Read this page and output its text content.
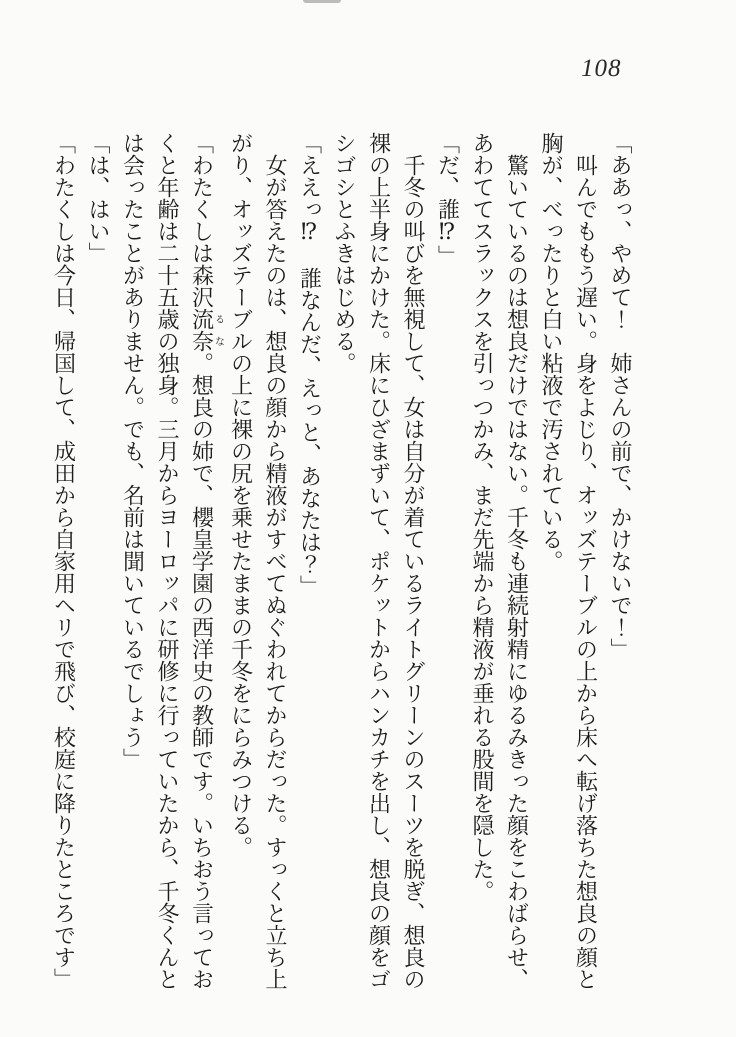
108

「ああっ、やめて！　姉さんの前で、かけないで！」

叫んでももう遅い。身をよじり、オッズテーブルの上から床へ転げ落ちた想良の顔と胸が、べったりと白い粘液で汚されている。

驚いているのは想良だけではない。千冬も連続射精にゆるみきった顔をこわばらせ、あわててスラックスを引っつかみ、まだ先端から精液が垂れる股間を隠した。

「だ、誰⁉」

千冬の叫びを無視して、女は自分が着ているライトグリーンのスーツを脱ぎ、想良の裸の上半身にかけた。床にひざまずいて、ポケットからハンカチを出し、想良の顔をゴシゴシとふきはじめる。

「ええっ⁉　誰なんだ、えっと、あなたは？」

女が答えたのは、想良の顔から精液がすべてぬぐわれてからだった。すっくと立ち上がり、オッズテーブルの上に裸の尻を乗せたままの千冬をにらみつける。

「わたくしは森沢流奈るな。想良の姉で、櫻皇学園の西洋史の教師です。いちおう言っておくと年齢は二十五歳の独身。三月からヨーロッパに研修に行っていたから、千冬くんとは会ったことがありません。でも、名前は聞いているでしょう」

「は、はい」

「わたくしは今日、帰国して、成田から自家用ヘリで飛び、校庭に降りたところです」
